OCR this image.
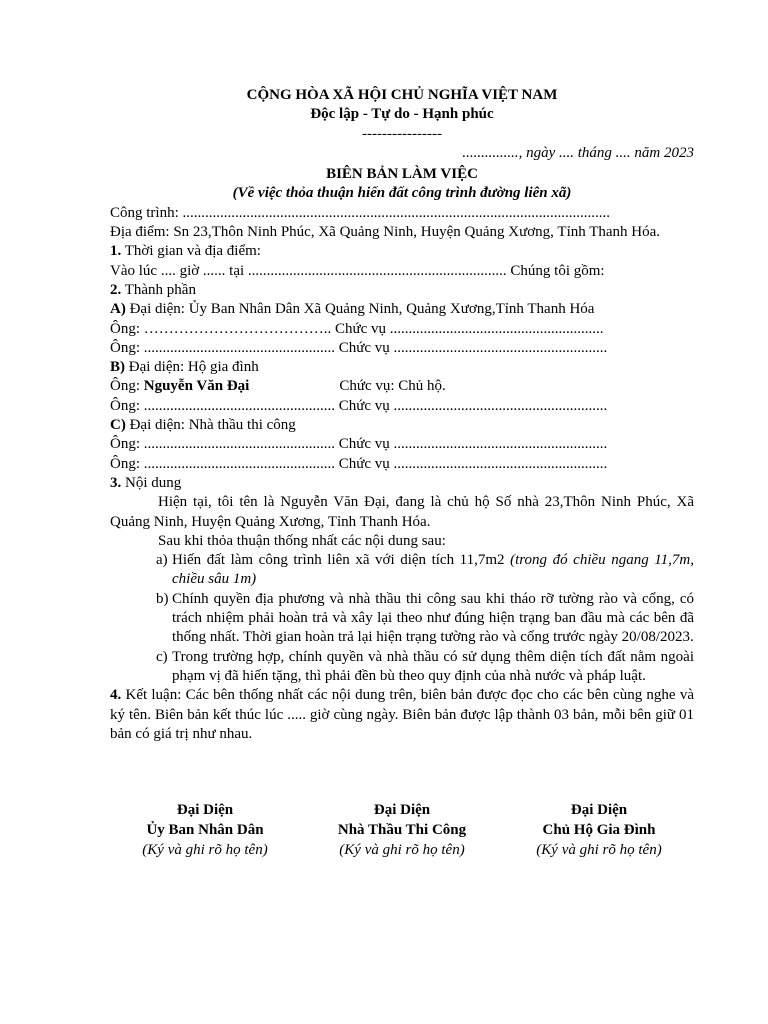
CỘNG HÒA XÃ HỘI CHỦ NGHĨA VIỆT NAM
Độc lập - Tự do - Hạnh phúc
----------------
..............., ngày .... tháng .... năm 2023
BIÊN BẢN LÀM VIỆC
(Về việc thỏa thuận hiến đất công trình đường liên xã)
Công trình: ..................................................................................................................
Địa điểm: Sn 23,Thôn Ninh Phúc, Xã Quảng Ninh, Huyện Quảng Xương, Tỉnh Thanh Hóa.
1. Thời gian và địa điểm:
Vào lúc .... giờ ...... tại ..................................................................... Chúng tôi gồm:
2. Thành phần
A) Đại diện: Ủy Ban Nhân Dân Xã Quảng Ninh, Quảng Xương,Tỉnh Thanh Hóa
Ông: ……………………………….. Chức vụ .........................................................
Ông: ................................................... Chức vụ .........................................................
B) Đại diện: Hộ gia đình
Ông: Nguyễn Văn Đại	Chức vụ: Chủ hộ.
Ông: ................................................... Chức vụ .........................................................
C) Đại diện: Nhà thầu thi công
Ông: ................................................... Chức vụ .........................................................
Ông: ................................................... Chức vụ .........................................................
3. Nội dung
Hiện tại, tôi tên là Nguyễn Văn Đại, đang là chủ hộ Số nhà 23,Thôn Ninh Phúc, Xã Quảng Ninh, Huyện Quảng Xương, Tỉnh Thanh Hóa.
Sau khi thỏa thuận thống nhất các nội dung sau:
a) Hiến đất làm công trình liên xã với diện tích 11,7m2 (trong đó chiều ngang 11,7m, chiều sâu 1m)
b) Chính quyền địa phương và nhà thầu thi công sau khi tháo rỡ tường rào và cổng, có trách nhiệm phải hoàn trả và xây lại theo như đúng hiện trạng ban đầu mà các bên đã thống nhất. Thời gian hoàn trả lại hiện trạng tường rào và cổng trước ngày 20/08/2023.
c) Trong trường hợp, chính quyền và nhà thầu có sử dụng thêm diện tích đất nằm ngoài phạm vị đã hiến tặng, thì phải đền bù theo quy định của nhà nước và pháp luật.
4. Kết luận: Các bên thống nhất các nội dung trên, biên bản được đọc cho các bên cùng nghe và ký tên. Biên bản kết thúc lúc ..... giờ cùng ngày. Biên bản được lập thành 03 bản, mỗi bên giữ 01 bản có giá trị như nhau.
Đại Diện
Ủy Ban Nhân Dân
(Ký và ghi rõ họ tên)
Đại Diện
Nhà Thầu Thi Công
(Ký và ghi rõ họ tên)
Đại Diện
Chủ Hộ Gia Đình
(Ký và ghi rõ họ tên)
